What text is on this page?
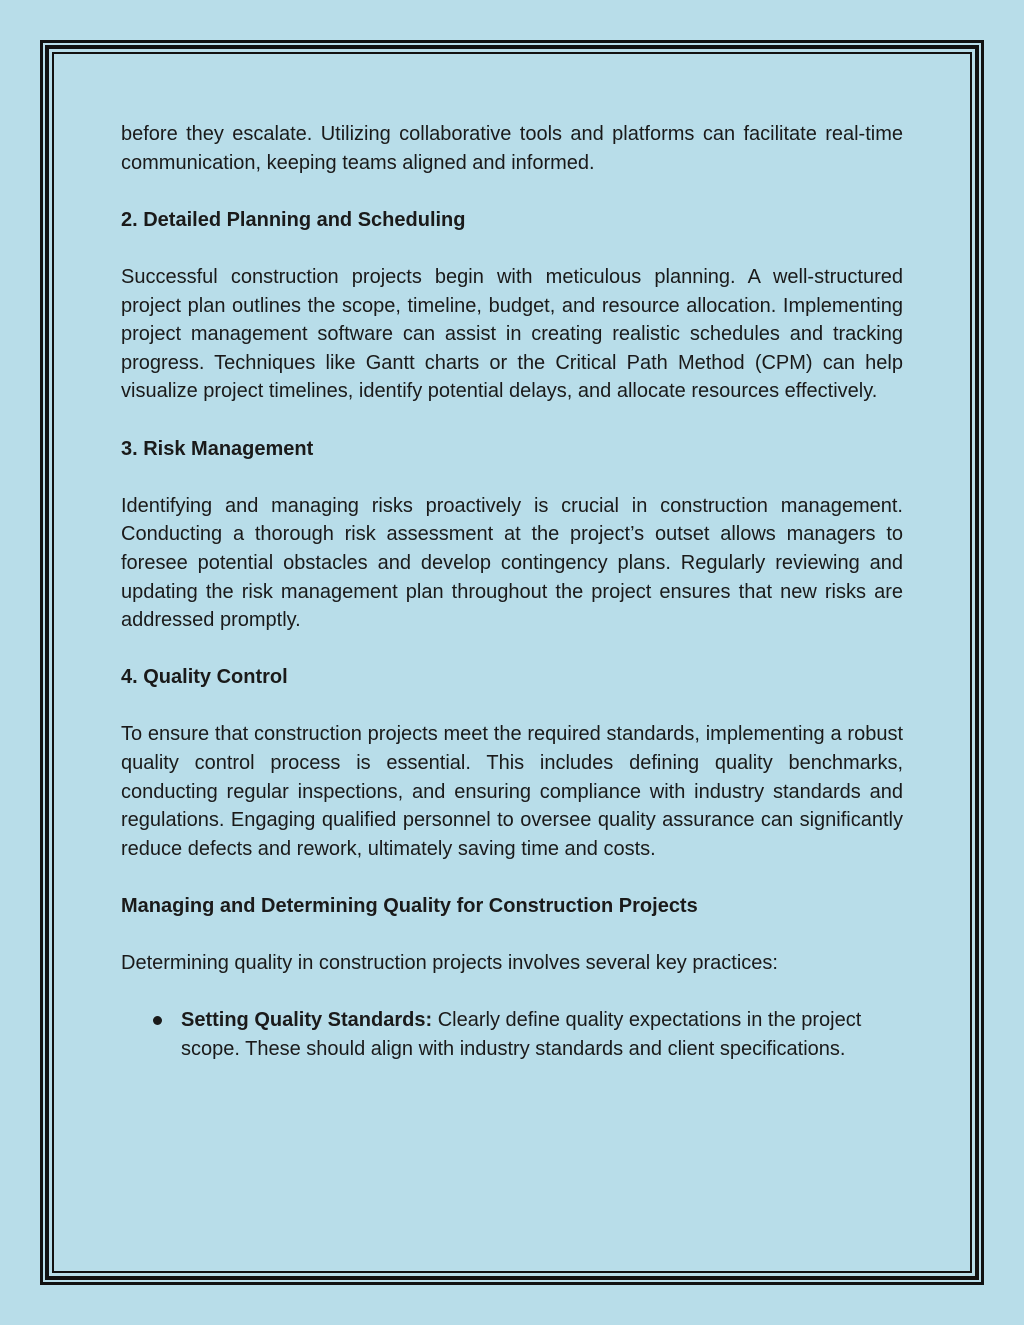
before they escalate. Utilizing collaborative tools and platforms can facilitate real-time communication, keeping teams aligned and informed.

2. Detailed Planning and Scheduling

Successful construction projects begin with meticulous planning. A well-structured project plan outlines the scope, timeline, budget, and resource allocation. Implementing project management software can assist in creating realistic schedules and tracking progress. Techniques like Gantt charts or the Critical Path Method (CPM) can help visualize project timelines, identify potential delays, and allocate resources effectively.

3. Risk Management

Identifying and managing risks proactively is crucial in construction management. Conducting a thorough risk assessment at the project’s outset allows managers to foresee potential obstacles and develop contingency plans. Regularly reviewing and updating the risk management plan throughout the project ensures that new risks are addressed promptly.

4. Quality Control

To ensure that construction projects meet the required standards, implementing a robust quality control process is essential. This includes defining quality benchmarks, conducting regular inspections, and ensuring compliance with industry standards and regulations. Engaging qualified personnel to oversee quality assurance can significantly reduce defects and rework, ultimately saving time and costs.

Managing and Determining Quality for Construction Projects

Determining quality in construction projects involves several key practices:

Setting Quality Standards: Clearly define quality expectations in the project scope. These should align with industry standards and client specifications.
